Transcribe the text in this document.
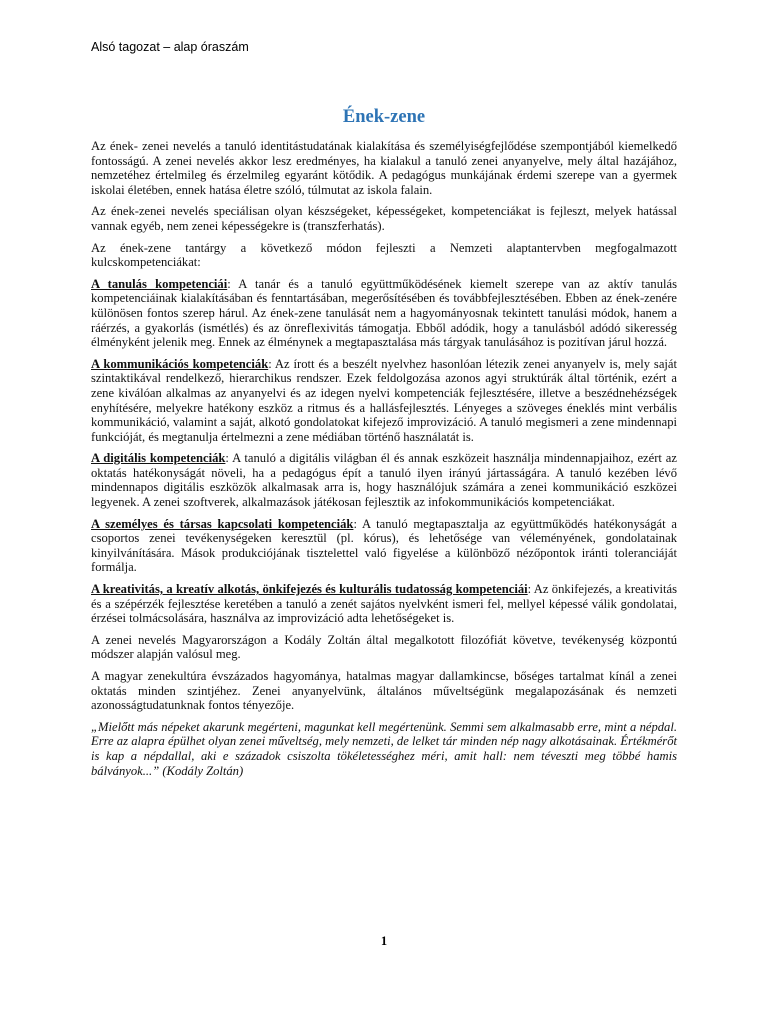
Alsó tagozat – alap óraszám
Ének-zene

Az ének- zenei nevelés a tanuló identitástudatának kialakítása és személyiségfejlődése szempontjából kiemelkedő fontosságú. A zenei nevelés akkor lesz eredményes, ha kialakul a tanuló zenei anyanyelve, mely által hazájához, nemzetéhez értelmileg és érzelmileg egyaránt kötődik. A pedagógus munkájának érdemi szerepe van a gyermek iskolai életében, ennek hatása életre szóló, túlmutat az iskola falain.

Az ének-zenei nevelés speciálisan olyan készségeket, képességeket, kompetenciákat is fejleszt, melyek hatással vannak egyéb, nem zenei képességekre is (transzferhatás).

Az ének-zene tantárgy a következő módon fejleszti a Nemzeti alaptantervben megfogalmazott kulcskompetenciákat:

A tanulás kompetenciái: A tanár és a tanuló együttműködésének kiemelt szerepe van az aktív tanulás kompetenciáinak kialakításában és fenntartásában, megerősítésében és továbbfejlesztésében. Ebben az ének-zenére különösen fontos szerep hárul. Az ének-zene tanulását nem a hagyományosnak tekintett tanulási módok, hanem a ráérzés, a gyakorlás (ismétlés) és az önreflexivitás támogatja. Ebből adódik, hogy a tanulásból adódó sikeresség élményként jelenik meg. Ennek az élménynek a megtapasztalása más tárgyak tanulásához is pozitívan járul hozzá.

A kommunikációs kompetenciák: Az írott és a beszélt nyelvhez hasonlóan létezik zenei anyanyelv is, mely saját szintaktikával rendelkező, hierarchikus rendszer. Ezek feldolgozása azonos agyi struktúrák által történik, ezért a zene kiválóan alkalmas az anyanyelvi és az idegen nyelvi kompetenciák fejlesztésére, illetve a beszédnehézségek enyhítésére, melyekre hatékony eszköz a ritmus és a hallásfejlesztés. Lényeges a szöveges éneklés mint verbális kommunikáció, valamint a saját, alkotó gondolatokat kifejező improvizáció. A tanuló megismeri a zene mindennapi funkcióját, és megtanulja értelmezni a zene médiában történő használatát is.

A digitális kompetenciák: A tanuló a digitális világban él és annak eszközeit használja mindennapjaihoz, ezért az oktatás hatékonyságát növeli, ha a pedagógus épít a tanuló ilyen irányú jártasságára. A tanuló kezében lévő mindennapos digitális eszközök alkalmasak arra is, hogy használójuk számára a zenei kommunikáció eszközei legyenek. A zenei szoftverek, alkalmazások játékosan fejlesztik az infokommunikációs kompetenciákat.

A személyes és társas kapcsolati kompetenciák: A tanuló megtapasztalja az együttműködés hatékonyságát a csoportos zenei tevékenységeken keresztül (pl. kórus), és lehetősége van véleményének, gondolatainak kinyilvánítására. Mások produkciójának tisztelettel való figyelése a különböző nézőpontok iránti toleranciáját formálja.

A kreativitás, a kreatív alkotás, önkifejezés és kulturális tudatosság kompetenciái: Az önkifejezés, a kreativitás és a szépérzék fejlesztése keretében a tanuló a zenét sajátos nyelvként ismeri fel, mellyel képessé válik gondolatai, érzései tolmácsolására, használva az improvizáció adta lehetőségeket is.

A zenei nevelés Magyarországon a Kodály Zoltán által megalkotott filozófiát követve, tevékenység központú módszer alapján valósul meg.

A magyar zenekultúra évszázados hagyománya, hatalmas magyar dallamkincse, bőséges tartalmat kínál a zenei oktatás minden szintjéhez. Zenei anyanyelvünk, általános műveltségünk megalapozásának és nemzeti azonosságtudatunknak fontos tényezője.

„Mielőtt más népeket akarunk megérteni, magunkat kell megértenünk. Semmi sem alkalmasabb erre, mint a népdal. Erre az alapra épülhet olyan zenei műveltség, mely nemzeti, de lelket tár minden nép nagy alkotásainak. Értékmérőt is kap a népdallal, aki e századok csiszolta tökéletességhez méri, amit hall: nem téveszti meg többé hamis bálványok...” (Kodály Zoltán)

1
